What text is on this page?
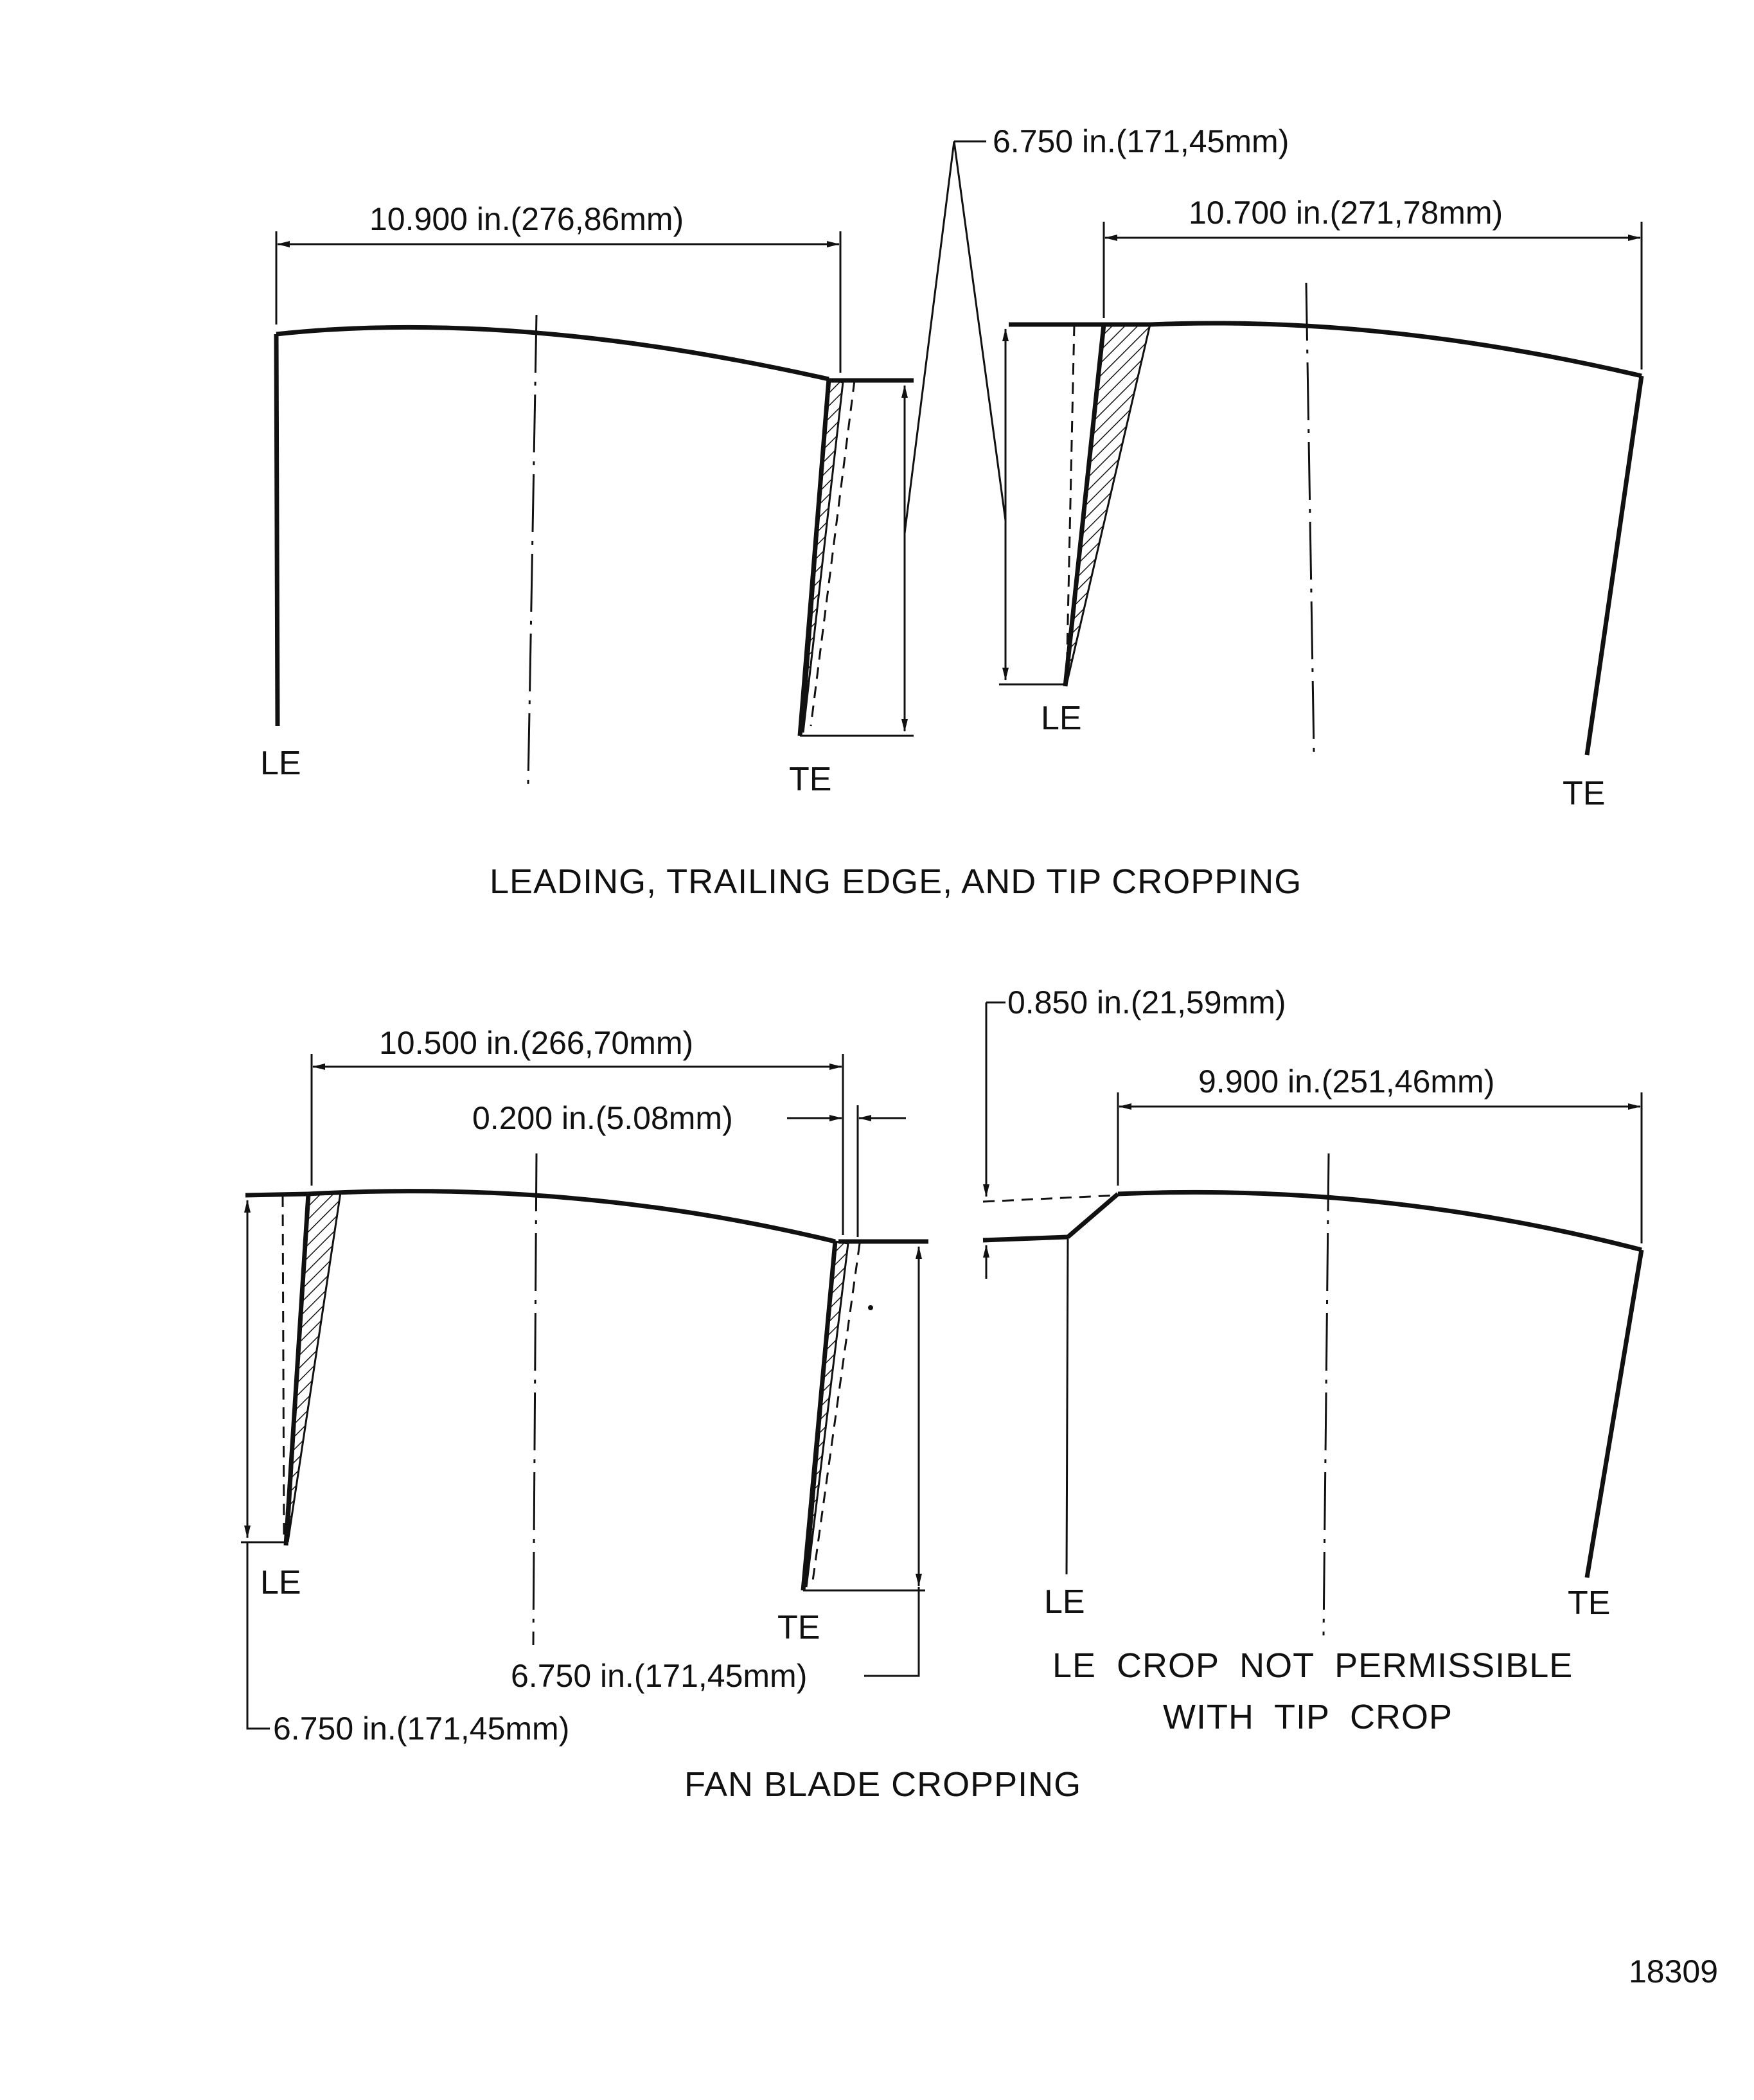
10.900 in.(276,86mm)
LE	TE
6.750 in.(171,45mm)
10.700 in.(271,78mm)
LE
TE
LEADING, TRAILING EDGE, AND TIP CROPPING
10.500 in.(266,70mm)
0.200 in.(5.08mm)
6.750 in.(171,45mm)
6.750 in.(171,45mm)
LE
TE
0.850 in.(21,59mm)
9.900 in.(251,46mm)
LE	TE
LE  CROP  NOT  PERMISSIBLE
WITH  TIP  CROP
FAN BLADE CROPPING
18309
